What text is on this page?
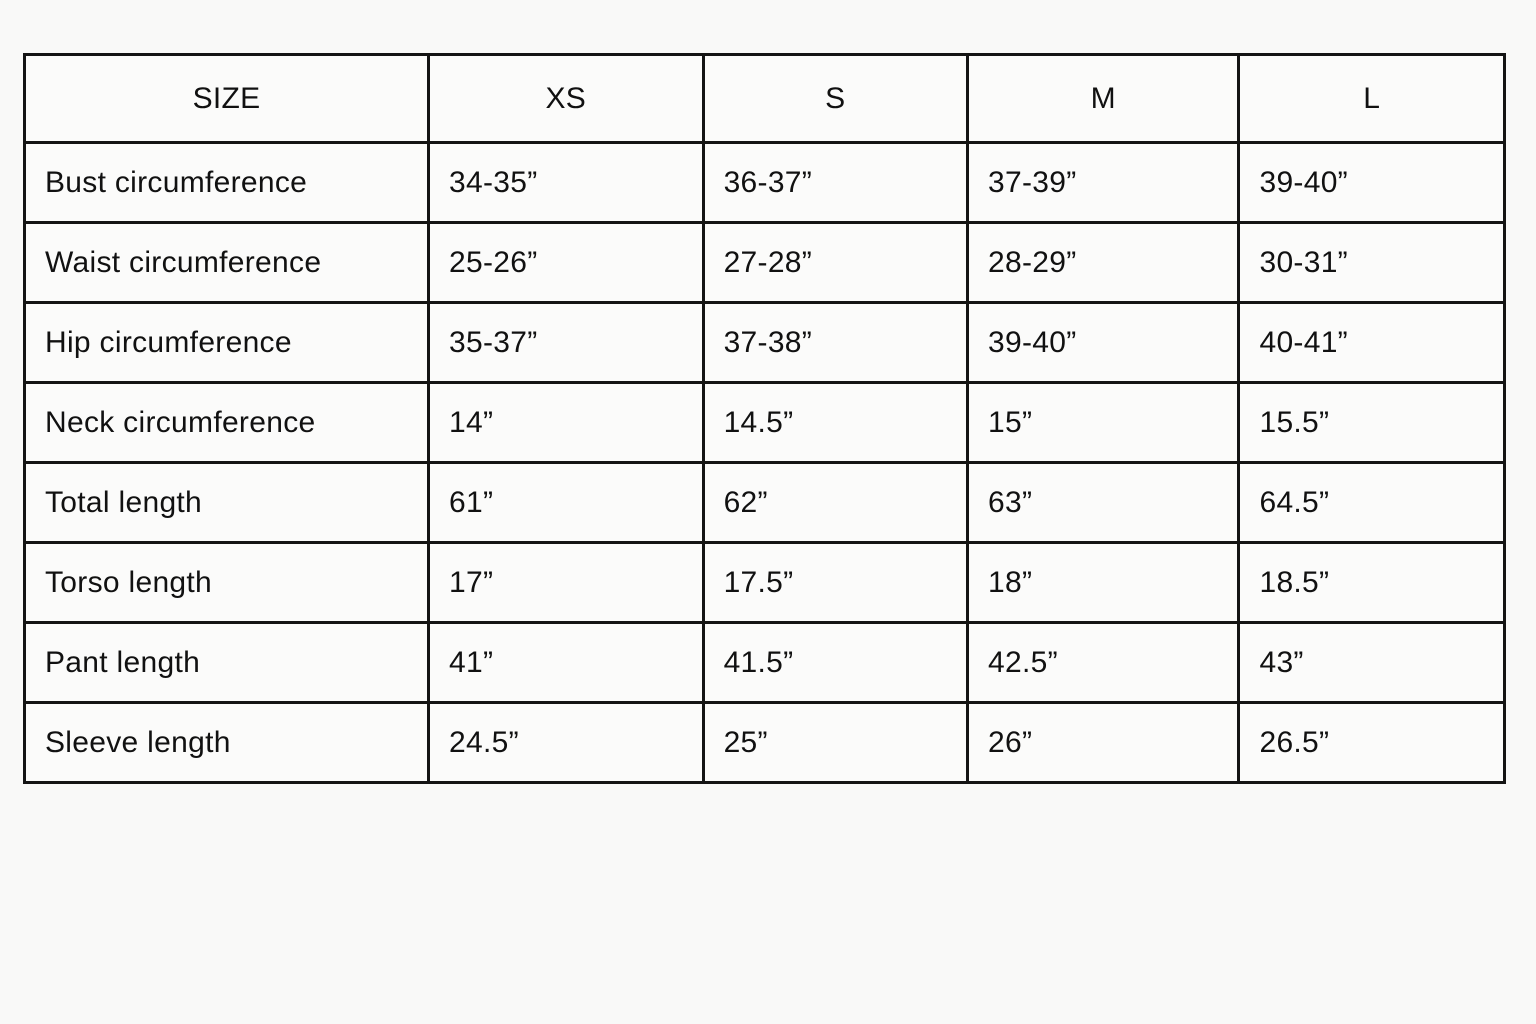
SIZE	XS	S	M	L
Bust circumference	34-35”	36-37”	37-39”	39-40”
Waist circumference	25-26”	27-28”	28-29”	30-31”
Hip circumference	35-37”	37-38”	39-40”	40-41”
Neck circumference	14”	14.5”	15”	15.5”
Total length	61”	62”	63”	64.5”
Torso length	17”	17.5”	18”	18.5”
Pant length	41”	41.5”	42.5”	43”
Sleeve length	24.5”	25”	26”	26.5”
